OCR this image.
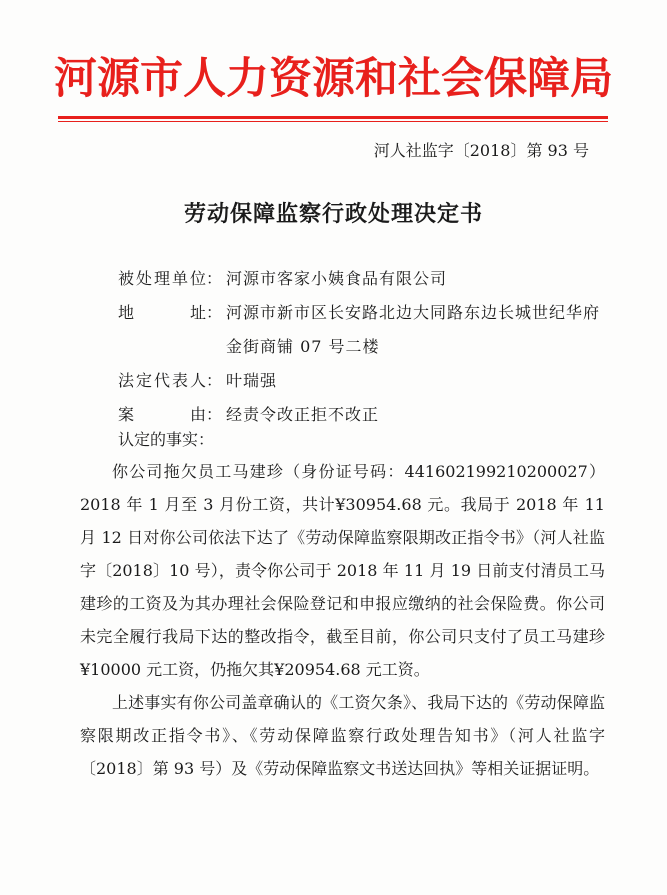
河源市人力资源和社会保障局
河人社监字〔2018〕第 93 号
劳动保障监察行政处理决定书
被处理单位 ： 河源市客家小姨食品有限公司
地址 ： 河源市新市区长安路北边大同路东边长城世纪华府金街商铺 07 号二楼
法定代表人 ： 叶瑞强
案由 ： 经责令改正拒不改正
认定的事实：

你公司拖欠员工马建珍（身份证号码：441602199210200027）2018 年 1 月至 3 月份工资，共计¥30954.68 元。我局于 2018 年 11 月 12 日对你公司依法下达了《劳动保障监察限期改正指令书》（河人社监字〔2018〕10 号），责令你公司于 2018 年 11 月 19 日前支付清员工马建珍的工资及为其办理社会保险登记和申报应缴纳的社会保险费。你公司未完全履行我局下达的整改指令，截至目前，你公司只支付了员工马建珍¥10000 元工资，仍拖欠其¥20954.68 元工资。

上述事实有你公司盖章确认的《工资欠条》、我局下达的《劳动保障监察限期改正指令书》、《劳动保障监察行政处理告知书》（河人社监字〔2018〕第 93 号）及《劳动保障监察文书送达回执》等相关证据证明。
